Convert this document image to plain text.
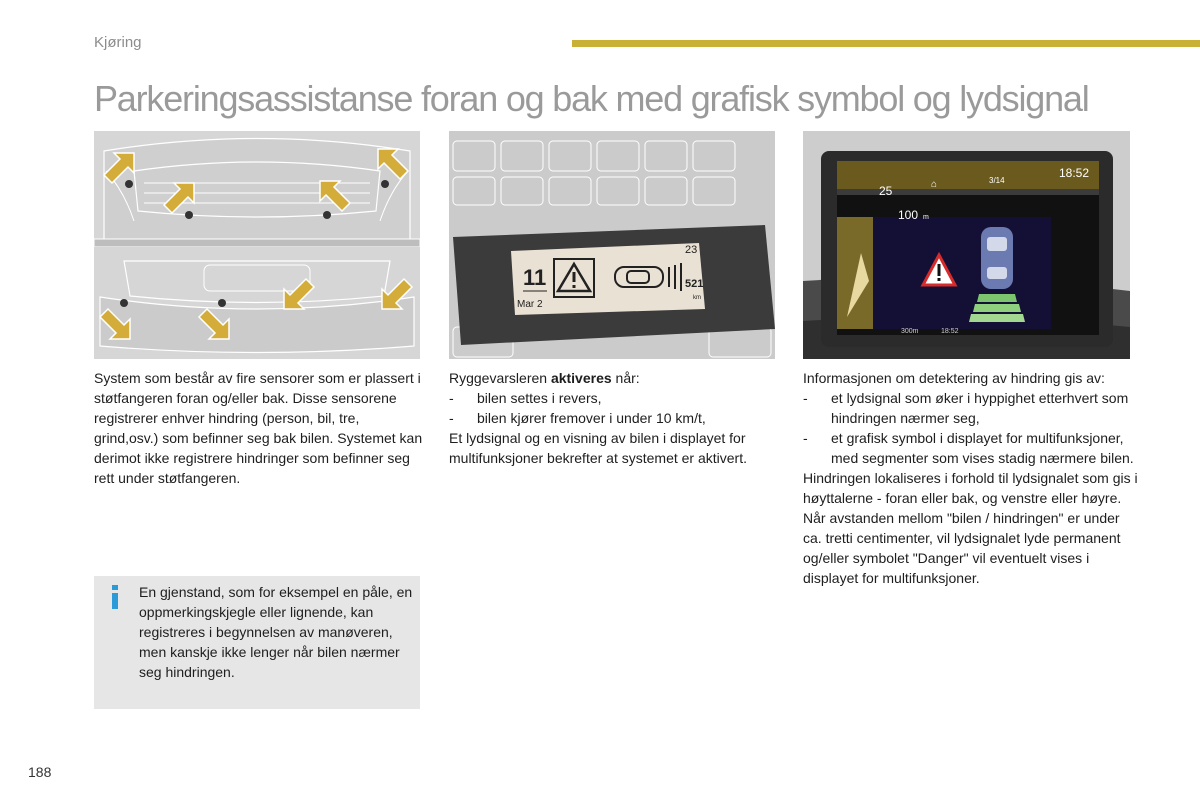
Kjøring
Parkeringsassistanse foran og bak med grafisk symbol og lydsignal
11
Mar 2
23
521
km
25	⌂	3/14
18:52
100 m
300m	18:52

System som består av fire sensorer som er plassert i støtfangeren foran og/eller bak. Disse sensorene registrerer enhver hindring (person, bil, tre, grind,osv.) som befinner seg bak bilen. Systemet kan derimot ikke registrere hindringer som befinner seg rett under støtfangeren.

Ryggevarsleren aktiveres når:

- bilen settes i revers,
- bilen kjører fremover i under 10 km/t,

Et lydsignal og en visning av bilen i displayet for multifunksjoner bekrefter at systemet er aktivert.

Informasjonen om detektering av hindring gis av:

- et lydsignal som øker i hyppighet etterhvert som hindringen nærmer seg,
- et grafisk symbol i displayet for multifunksjoner, med segmenter som vises stadig nærmere bilen.

Hindringen lokaliseres i forhold til lydsignalet som gis i høyttalerne - foran eller bak, og venstre eller høyre.

Når avstanden mellom "bilen / hindringen" er under ca. tretti centimenter, vil lydsignalet lyde permanent og/eller symbolet "Danger" vil eventuelt vises i displayet for multifunksjoner.

En gjenstand, som for eksempel en påle, en oppmerkingskjegle eller lignende, kan registreres i begynnelsen av manøveren, men kanskje ikke lenger når bilen nærmer seg hindringen.

188
